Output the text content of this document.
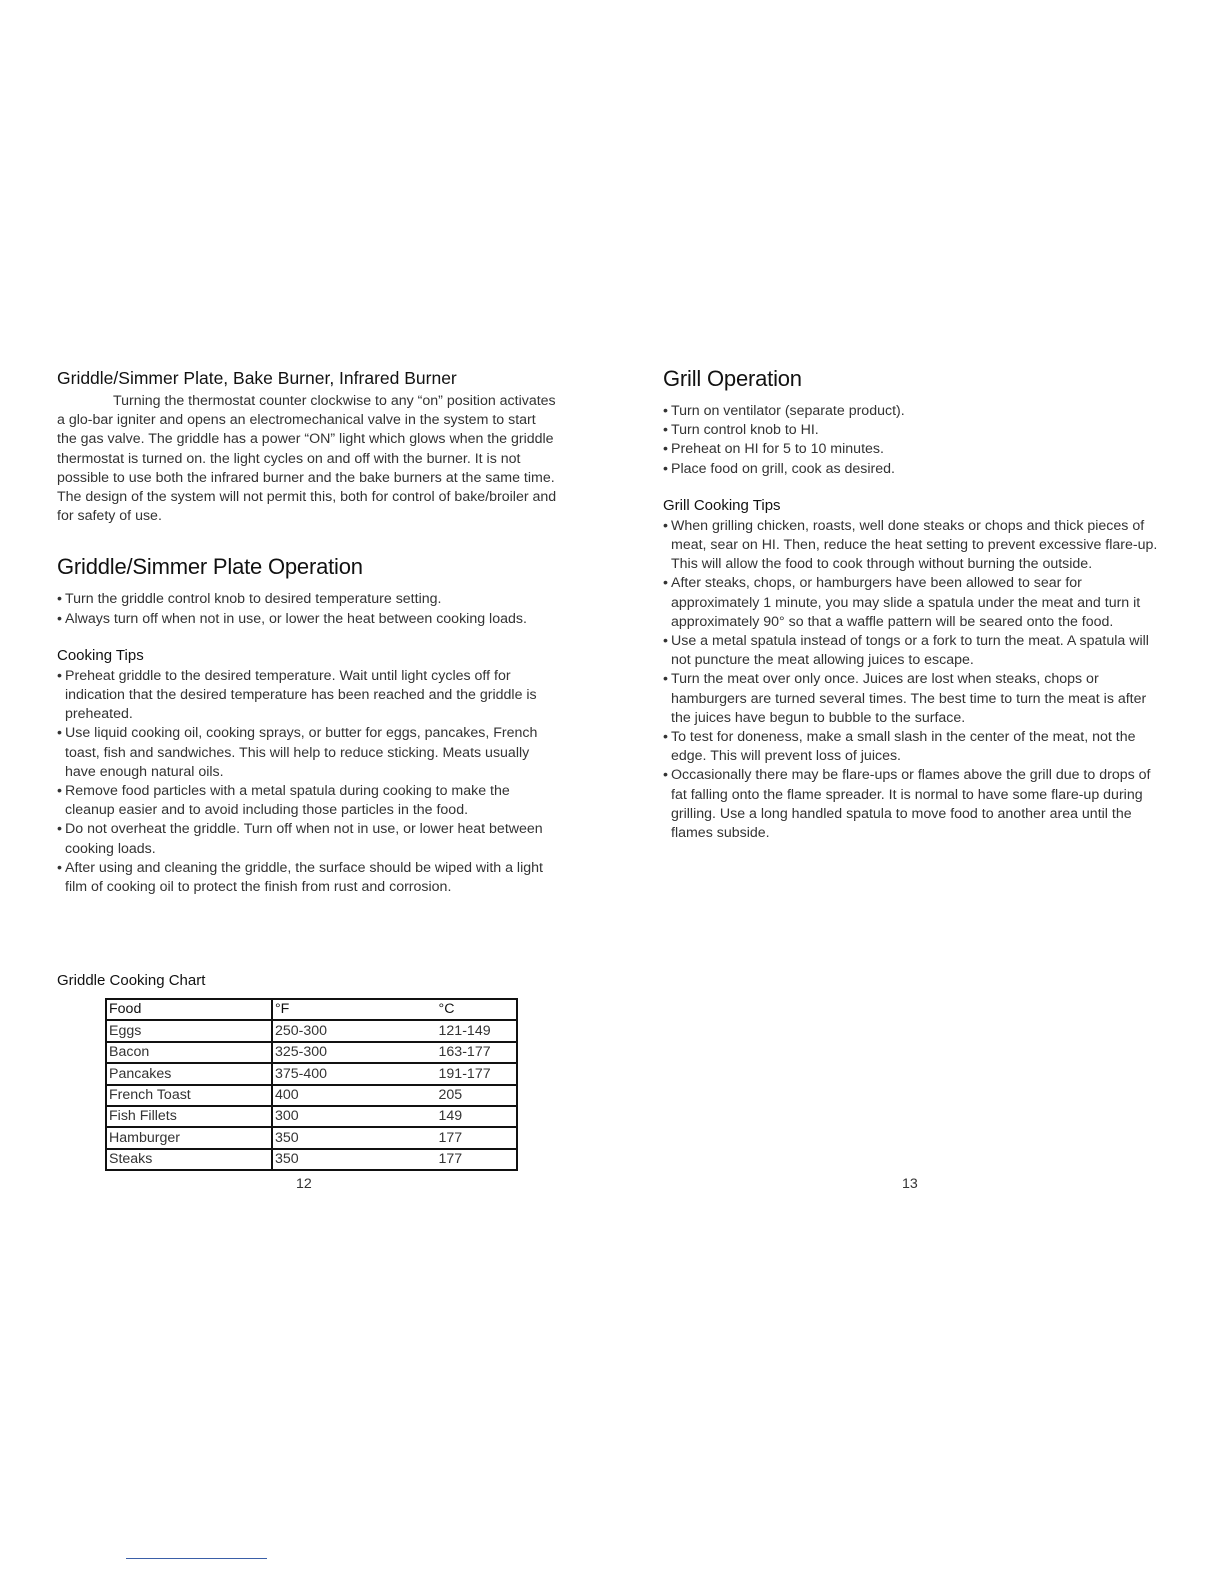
Griddle/Simmer Plate, Bake Burner, Infrared Burner

Turning the thermostat counter clockwise to any “on” position activates a glo-bar igniter and opens an electromechanical valve in the system to start the gas valve. The griddle has a power “ON” light which glows when the griddle thermostat is turned on. the light cycles on and off with the burner. It is not possible to use both the infrared burner and the bake burners at the same time. The design of the system will not permit this, both for control of bake/broiler and for safety of use.

Griddle/Simmer Plate Operation
• Turn the griddle control knob to desired temperature setting.
• Always turn off when not in use, or lower the heat between cooking loads.
Cooking Tips
• Preheat griddle to the desired temperature. Wait until light cycles off for indication that the desired temperature has been reached and the griddle is preheated.
• Use liquid cooking oil, cooking sprays, or butter for eggs, pancakes, French toast, fish and sandwiches. This will help to reduce sticking. Meats usually have enough natural oils.
• Remove food particles with a metal spatula during cooking to make the cleanup easier and to avoid including those particles in the food.
• Do not overheat the griddle. Turn off when not in use, or lower heat between cooking loads.
• After using and cleaning the griddle, the surface should be wiped with a light film of cooking oil to protect the finish from rust and corrosion.
Griddle Cooking Chart
Food	°F	°C
Eggs	250-300	121-149
Bacon	325-300	163-177
Pancakes	375-400	191-177
French Toast	400	205
Fish Fillets	300	149
Hamburger	350	177
Steaks	350	177
12
Grill Operation
• Turn on ventilator (separate product).
• Turn control knob to HI.
• Preheat on HI for 5 to 10 minutes.
• Place food on grill, cook as desired.
Grill Cooking Tips
• When grilling chicken, roasts, well done steaks or chops and thick pieces of meat, sear on HI. Then, reduce the heat setting to prevent excessive flare-up. This will allow the food to cook through without burning the outside.
• After steaks, chops, or hamburgers have been allowed to sear for approximately 1 minute, you may slide a spatula under the meat and turn it approximately 90° so that a waffle pattern will be seared onto the food.
• Use a metal spatula instead of tongs or a fork to turn the meat. A spatula will not puncture the meat allowing juices to escape.
• Turn the meat over only once. Juices are lost when steaks, chops or hamburgers are turned several times. The best time to turn the meat is after the juices have begun to bubble to the surface.
• To test for doneness, make a small slash in the center of the meat, not the edge. This will prevent loss of juices.
• Occasionally there may be flare-ups or flames above the grill due to drops of fat falling onto the flame spreader. It is normal to have some flare-up during grilling. Use a long handled spatula to move food to another area until the flames subside.
13
